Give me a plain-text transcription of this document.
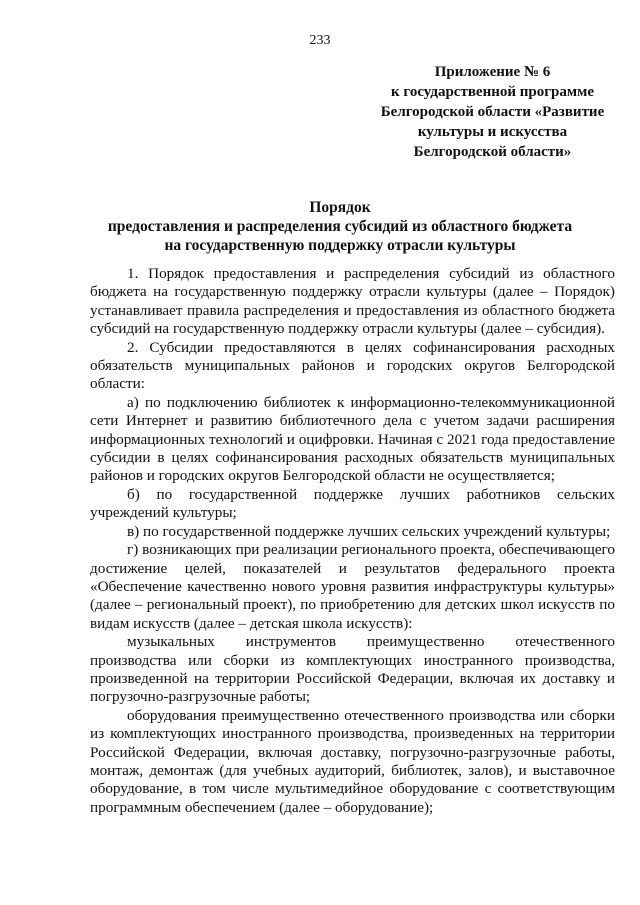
233
Приложение № 6
к государственной программе
Белгородской области «Развитие
культуры и искусства
Белгородской области»
Порядок
предоставления и распределения субсидий из областного бюджета
на государственную поддержку отрасли культуры

1. Порядок предоставления и распределения субсидий из областного бюджета на государственную поддержку отрасли культуры (далее – Порядок) устанавливает правила распределения и предоставления из областного бюджета субсидий на государственную поддержку отрасли культуры (далее – субсидия).

2. Субсидии предоставляются в целях софинансирования расходных обязательств муниципальных районов и городских округов Белгородской области:

а) по подключению библиотек к информационно-телекоммуникационной сети Интернет и развитию библиотечного дела с учетом задачи расширения информационных технологий и оцифровки. Начиная с 2021 года предоставление субсидии в целях софинансирования расходных обязательств муниципальных районов и городских округов Белгородской области не осуществляется;

б) по государственной поддержке лучших работников сельских учреждений культуры;

в) по государственной поддержке лучших сельских учреждений культуры;

г) возникающих при реализации регионального проекта, обеспечивающего достижение целей, показателей и результатов федерального проекта «Обеспечение качественно нового уровня развития инфраструктуры культуры» (далее – региональный проект), по приобретению для детских школ искусств по видам искусств (далее – детская школа искусств):

музыкальных инструментов преимущественно отечественного производства или сборки из комплектующих иностранного производства, произведенной на территории Российской Федерации, включая их доставку и погрузочно-разгрузочные работы;

оборудования преимущественно отечественного производства или сборки из комплектующих иностранного производства, произведенных на территории Российской Федерации, включая доставку, погрузочно-разгрузочные работы, монтаж, демонтаж (для учебных аудиторий, библиотек, залов), и выставочное оборудование, в том числе мультимедийное оборудование с соответствующим программным обеспечением (далее – оборудование);
